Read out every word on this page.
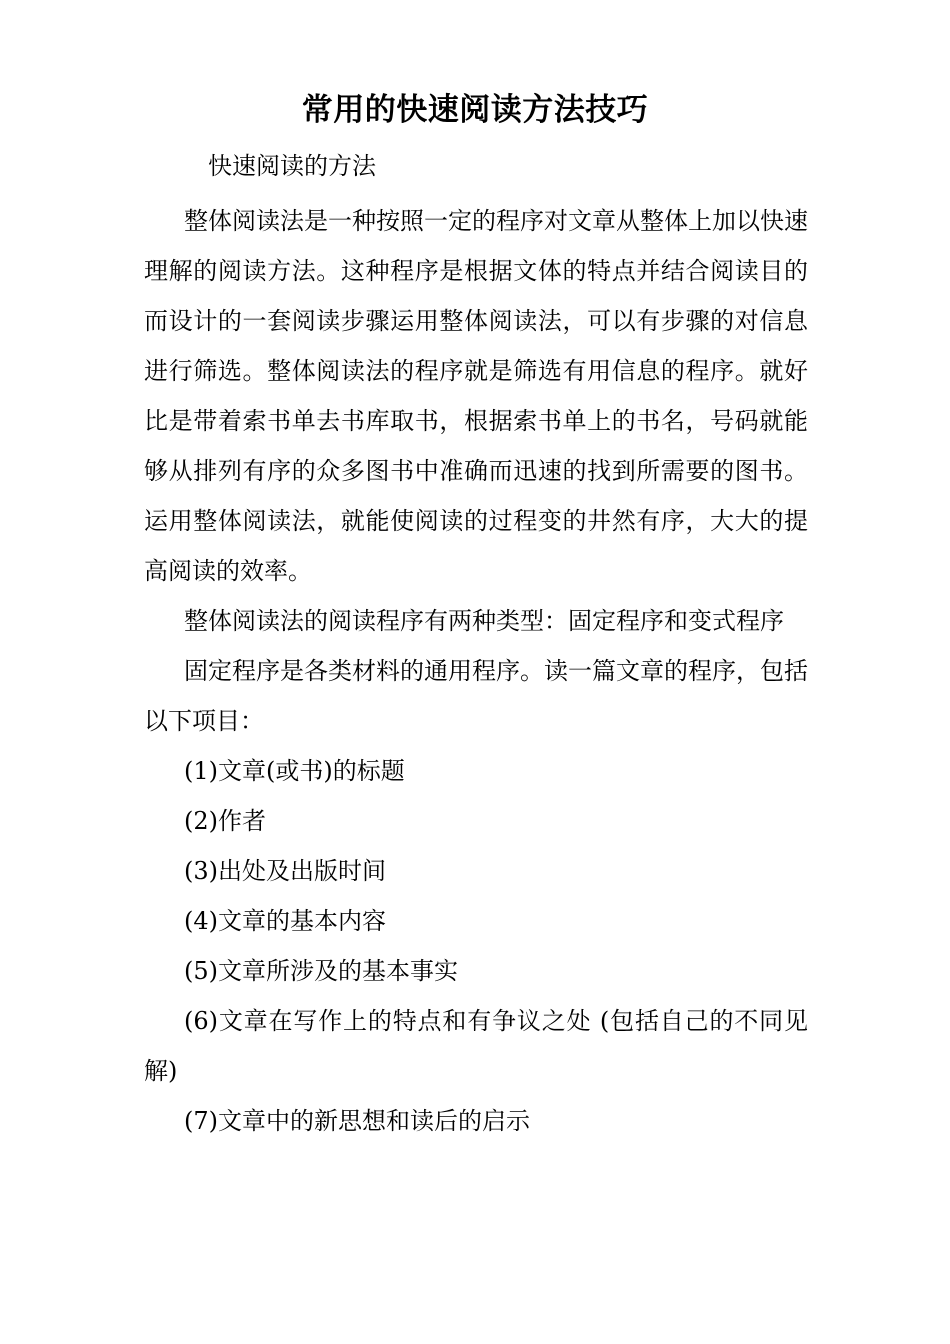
常用的快速阅读方法技巧
快速阅读的方法

整体阅读法是一种按照一定的程序对文章从整体上加以快速理解的阅读方法。这种程序是根据文体的特点并结合阅读目的而设计的一套阅读步骤运用整体阅读法，可以有步骤的对信息进行筛选。整体阅读法的程序就是筛选有用信息的程序。就好比是带着索书单去书库取书，根据索书单上的书名，号码就能够从排列有序的众多图书中准确而迅速的找到所需要的图书。运用整体阅读法，就能使阅读的过程变的井然有序，大大的提高阅读的效率。

整体阅读法的阅读程序有两种类型：固定程序和变式程序

固定程序是各类材料的通用程序。读一篇文章的程序，包括以下项目：

(1)文章(或书)的标题

(2)作者

(3)出处及出版时间

(4)文章的基本内容

(5)文章所涉及的基本事实

(6)文章在写作上的特点和有争议之处 (包括自己的不同见解)

(7)文章中的新思想和读后的启示
